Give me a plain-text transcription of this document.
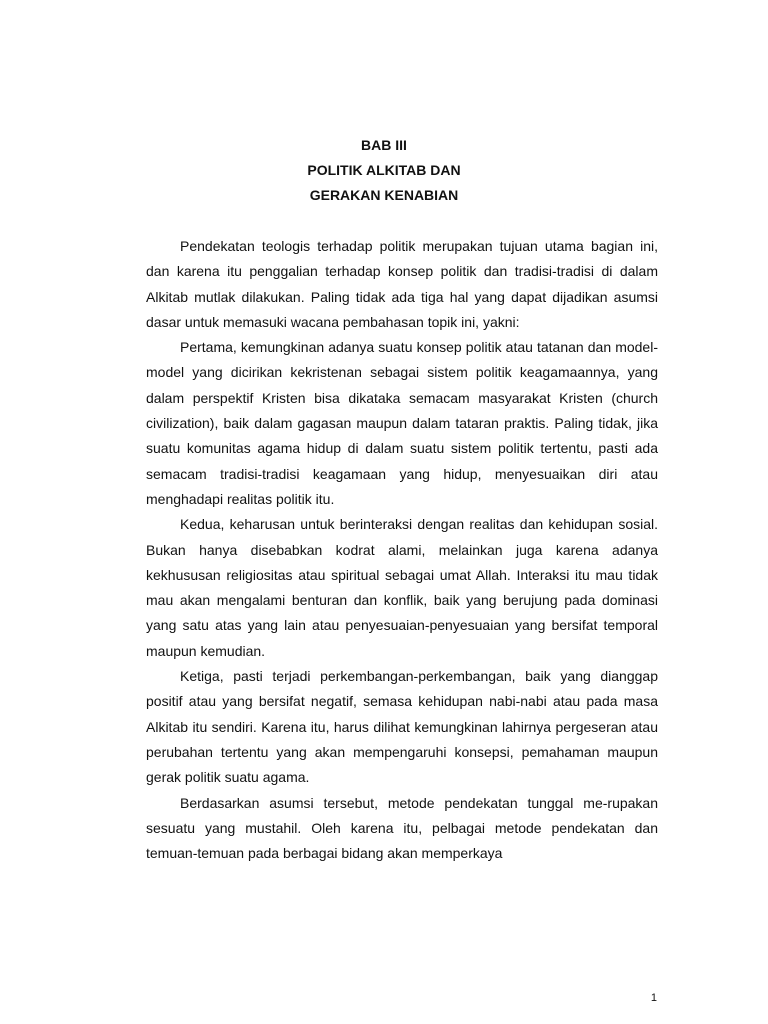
BAB III
POLITIK ALKITAB DAN
GERAKAN KENABIAN

Pendekatan teologis terhadap politik merupakan tujuan utama bagian ini, dan karena itu penggalian terhadap konsep politik dan tradisi-tradisi di dalam Alkitab mutlak dilakukan. Paling tidak ada tiga hal yang dapat dijadikan asumsi dasar untuk memasuki wacana pembahasan topik ini, yakni:

Pertama, kemungkinan adanya suatu konsep politik atau tatanan dan model-model yang dicirikan kekristenan sebagai sistem politik keagamaannya, yang dalam perspektif Kristen bisa dikataka semacam masyarakat Kristen (church civilization), baik dalam gagasan maupun dalam tataran praktis. Paling tidak, jika suatu komunitas agama hidup di dalam suatu sistem politik tertentu, pasti ada semacam tradisi-tradisi keagamaan yang hidup, menyesuaikan diri atau menghadapi realitas politik itu.

Kedua, keharusan untuk berinteraksi dengan realitas dan kehidupan sosial. Bukan hanya disebabkan kodrat alami, melainkan juga karena adanya kekhususan religiositas atau spiritual sebagai umat Allah. Interaksi itu mau tidak mau akan mengalami benturan dan konflik, baik yang berujung pada dominasi yang satu atas yang lain atau penyesuaian-penyesuaian yang bersifat temporal maupun kemudian.

Ketiga, pasti terjadi perkembangan-perkembangan, baik yang dianggap positif atau yang bersifat negatif, semasa kehidupan nabi-nabi atau pada masa Alkitab itu sendiri. Karena itu, harus dilihat kemungkinan lahirnya pergeseran atau perubahan tertentu yang akan mempengaruhi konsepsi, pemahaman maupun gerak politik suatu agama.

Berdasarkan asumsi tersebut, metode pendekatan tunggal me-rupakan sesuatu yang mustahil. Oleh karena itu, pelbagai metode pendekatan dan temuan-temuan pada berbagai bidang akan memperkaya

1
